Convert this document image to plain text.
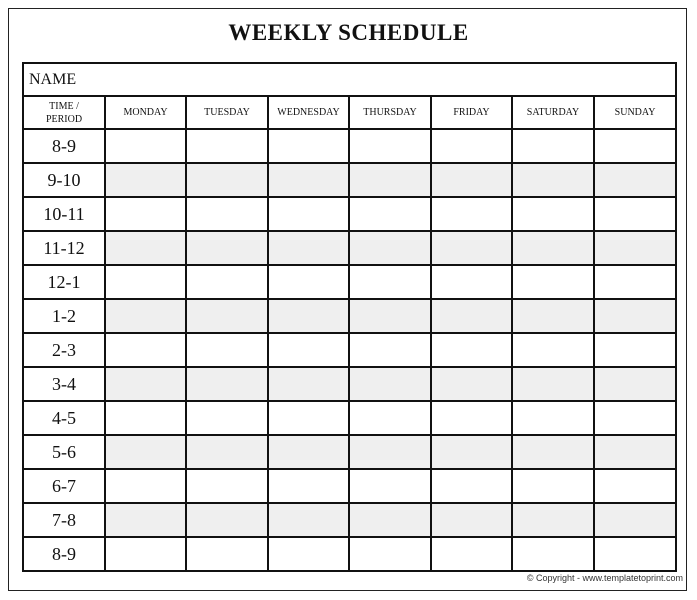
WEEKLY SCHEDULE
NAME							
TIME /
PERIOD	MONDAY	TUESDAY	WEDNESDAY	THURSDAY	FRIDAY	SATURDAY	SUNDAY
8-9							
9-10							
10-11							
11-12							
12-1							
1-2							
2-3							
3-4							
4-5							
5-6							
6-7							
7-8							
8-9							
© Copyright - www.templatetoprint.com
